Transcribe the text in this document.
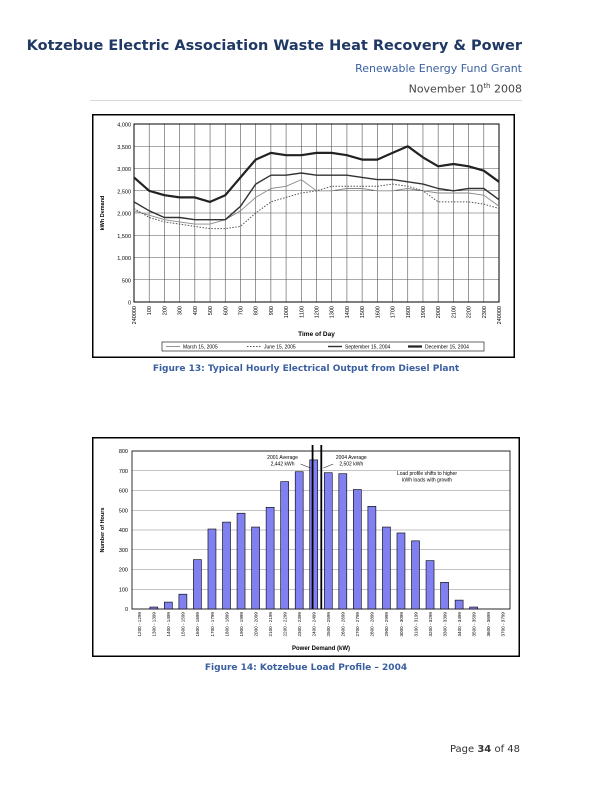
Kotzebue Electric Association Waste Heat Recovery & Power
Renewable Energy Fund Grant
November 10th 2008
0
500
1,000
1,500
2,000
2,500
3,000
3,500
4,000
240000 100 200 300 400 500 600 700 800 900 1000 1100 1200 1300 1400 1500 1600 1700 1800 1900 2000 2100 2200 2300 240000
kWh Demand
Time of Day
March 15, 2005	June 15, 2005	September 15, 2004	December 15, 2004
Figure 13: Typical Hourly Electrical Output from Diesel Plant
0
100
200
300
400
500
600
700
800
1200 - 1299 1300 - 1399 1400 - 1499 1500 - 1599 1600 - 1699 1700 - 1799 1800 - 1899 1900 - 1999 2000 - 2099 2100 - 2199 2200 - 2299 2300 - 2399 2400 - 2499 2500 - 2599 2600 - 2699 2700 - 2799 2800 - 2899 2900 - 2999 3000 - 3099 3100 - 3199 3200 - 3299 3300 - 3399 3400 - 3499 3500 - 3599 3600 - 3699 3700 - 3799
Number of Hours
Power Demand (kW)
2001 Average
2,442 kWh
2004 Average
2,502 kWh
Load profile shifts to higher
kWh loads with growth
Figure 14: Kotzebue Load Profile – 2004
Page 34 of 48
